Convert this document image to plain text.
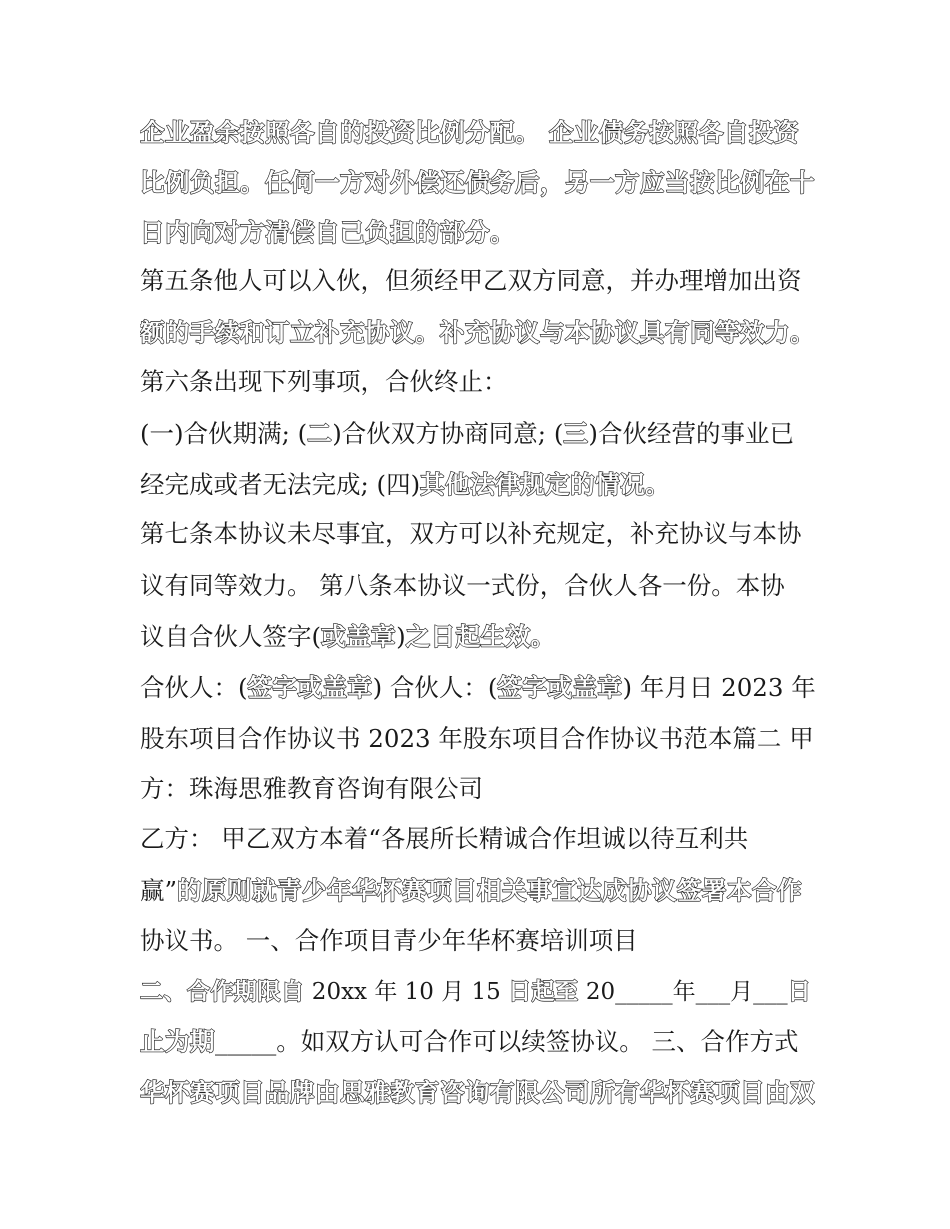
企业盈余按照各自的投资比例分配。 企业债务按照各自投资
比例负担。任何一方对外偿还债务后，另一方应当按比例在十
日内向对方清偿自己负担的部分。
第五条他人可以入伙，但须经甲乙双方同意，并办理增加出资
额的手续和订立补充协议。补充协议与本协议具有同等效力。
第六条出现下列事项，合伙终止：
(一)合伙期满; (二)合伙双方协商同意; (三)合伙经营的事业已
经完成或者无法完成; (四)其他法律规定的情况。
第七条本协议未尽事宜，双方可以补充规定，补充协议与本协
议有同等效力。 第八条本协议一式份，合伙人各一份。本协
议自合伙人签字(或盖章)之日起生效。
合伙人：(签字或盖章) 合伙人：(签字或盖章) 年月日 2023 年
股东项目合作协议书 2023 年股东项目合作协议书范本篇二 甲
方：珠海思雅教育咨询有限公司
乙方： 甲乙双方本着“各展所长精诚合作坦诚以待互利共
赢”的原则就青少年华杯赛项目相关事宜达成协议签署本合作
协议书。 一、合作项目青少年华杯赛培训项目
二、合作期限自 20xx 年 10 月 15 日起至 20_____年___月___日
止为期_____。如双方认可合作可以续签协议。 三、合作方式
华杯赛项目品牌由思雅教育咨询有限公司所有华杯赛项目由双
